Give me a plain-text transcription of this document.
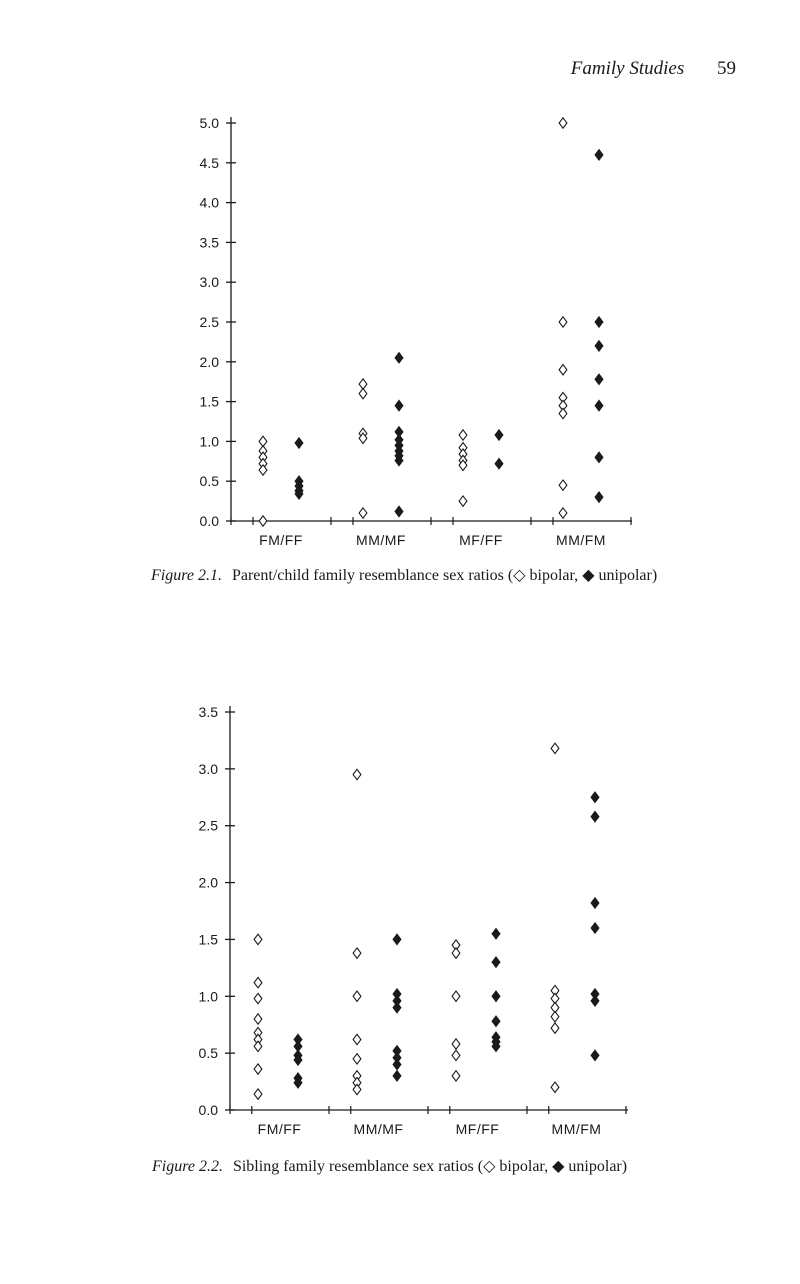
Family Studies 59
0.0
0.5
1.0
1.5
2.0
2.5
3.0
3.5
4.0
4.5
5.0
FM/FF	MM/MF	MF/FF	MM/FM
Figure 2.1. Parent/child family resemblance sex ratios (◇ bipolar, ◆ unipolar)
0.0
0.5
1.0
1.5
2.0
2.5
3.0
3.5
FM/FF	MM/MF	MF/FF	MM/FM
Figure 2.2. Sibling family resemblance sex ratios (◇ bipolar, ◆ unipolar)
